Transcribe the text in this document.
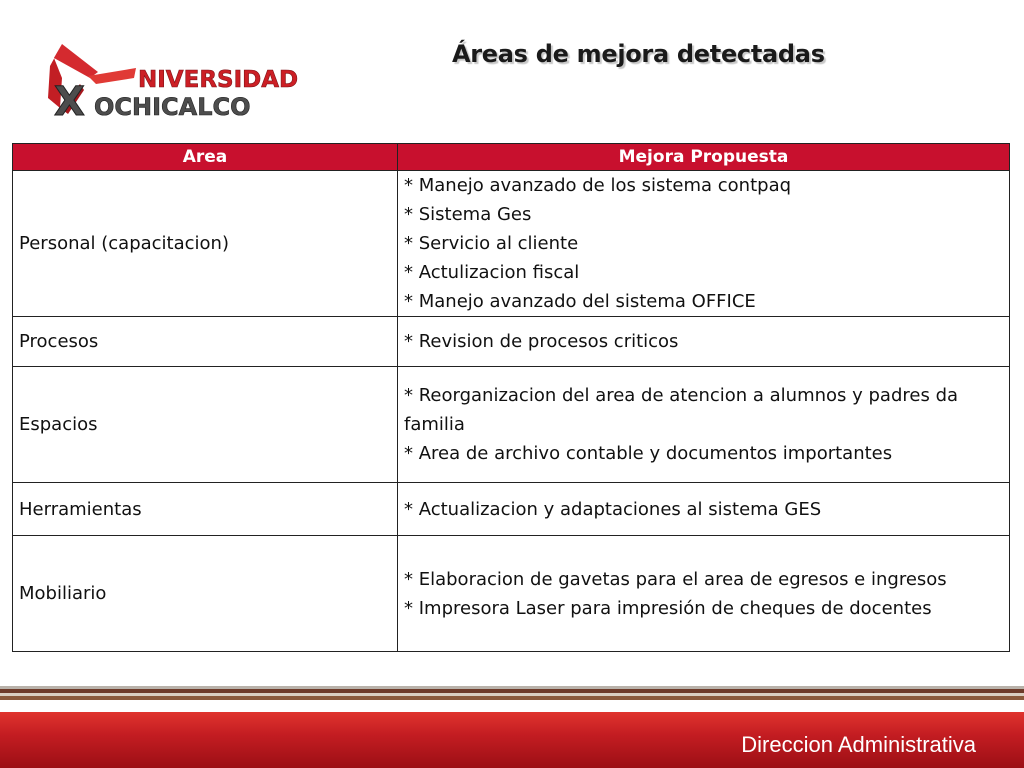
NIVERSIDAD
X OCHICALCO
Áreas de mejora detectadas
Area	Mejora Propuesta
Personal (capacitacion)	* Manejo avanzado de los sistema contpaq
* Sistema Ges
* Servicio al cliente
* Actulizacion fiscal
* Manejo avanzado del sistema OFFICE

Procesos	* Revision de procesos criticos

Espacios	* Reorganizacion del area de atencion a alumnos y padres da familia
* Area de archivo contable y documentos importantes

Herramientas	* Actualizacion y adaptaciones al sistema GES

Mobiliario	* Elaboracion de gavetas para el area de egresos e ingresos
* Impresora Laser para impresión de cheques de docentes
Direccion Administrativa
